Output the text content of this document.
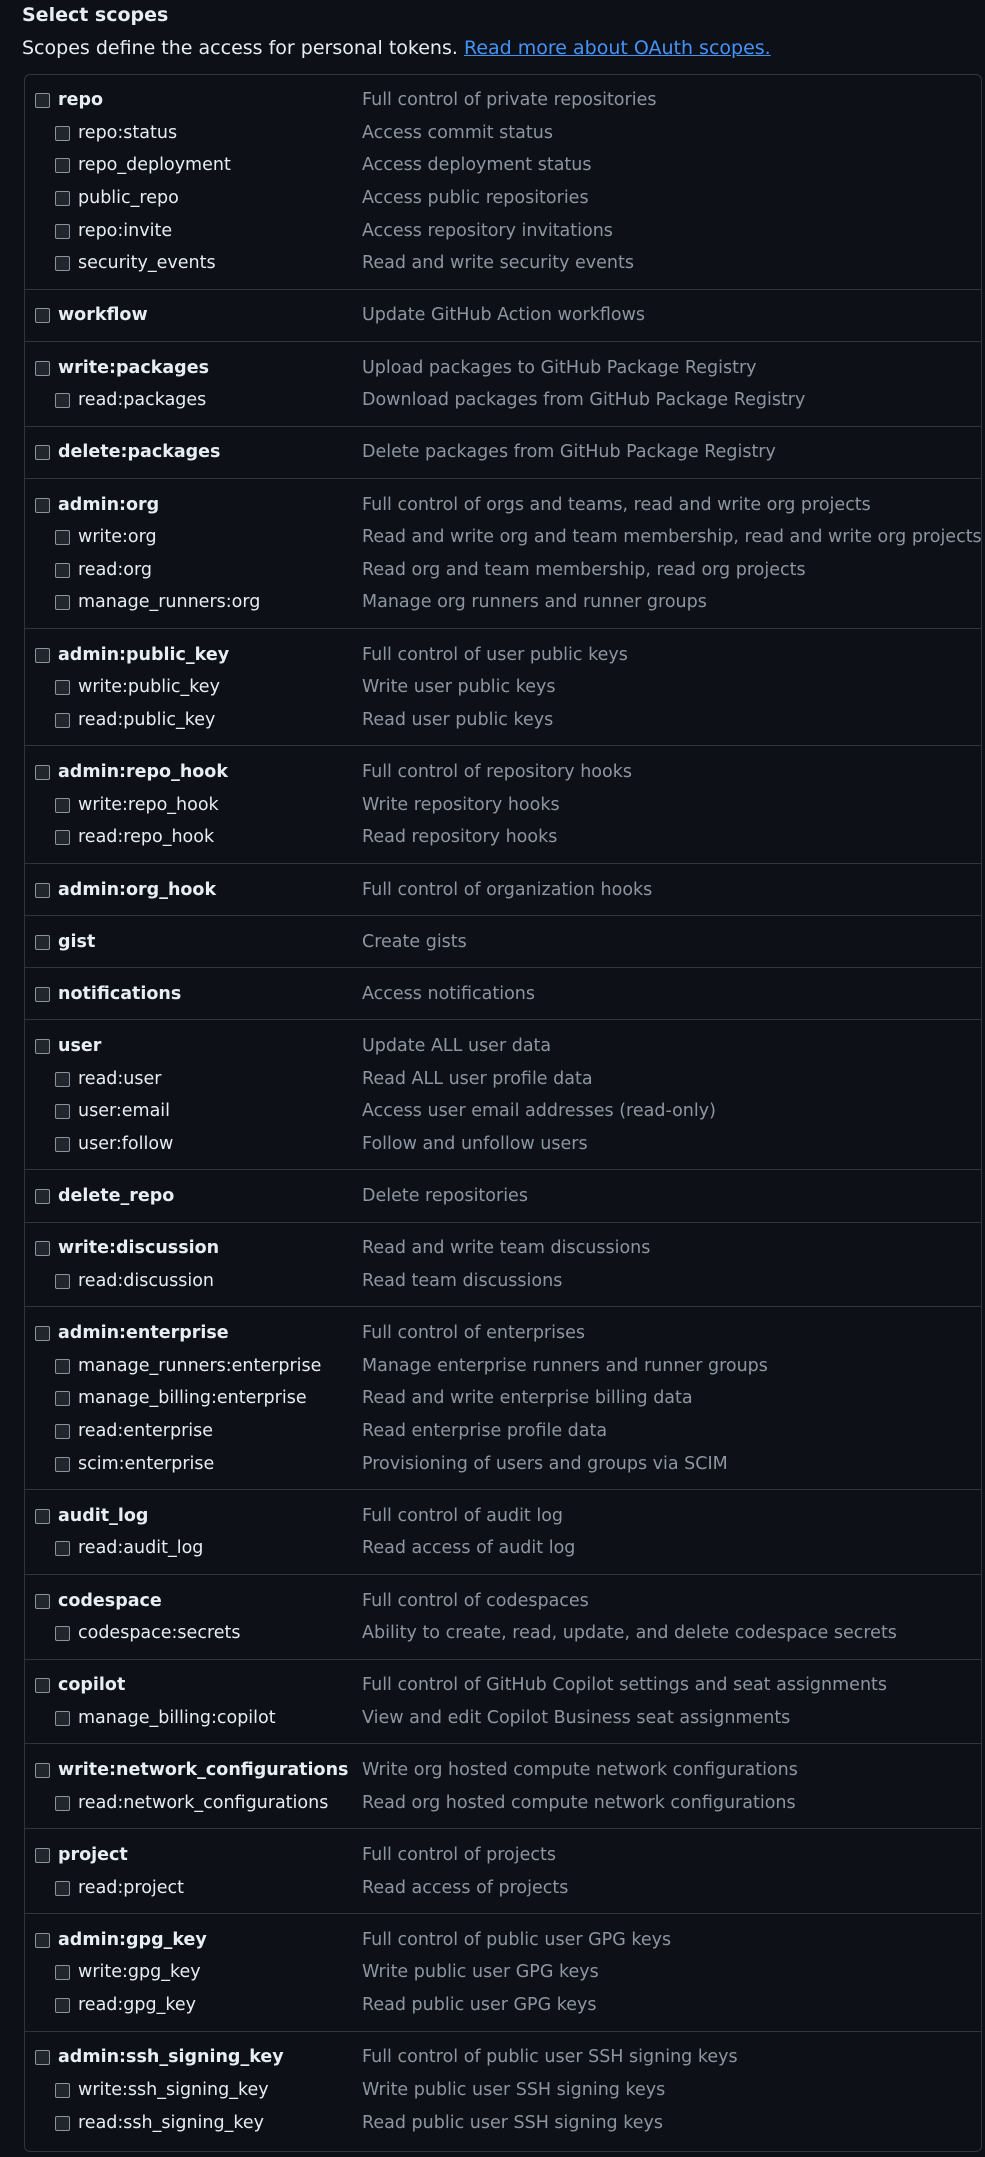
Select scopes
Scopes define the access for personal tokens. Read more about OAuth scopes.
repo	Full control of private repositories
repo:status	Access commit status
repo_deployment	Access deployment status
public_repo	Access public repositories
repo:invite	Access repository invitations
security_events	Read and write security events
workflow	Update GitHub Action workflows
write:packages	Upload packages to GitHub Package Registry
read:packages	Download packages from GitHub Package Registry
delete:packages	Delete packages from GitHub Package Registry
admin:org	Full control of orgs and teams, read and write org projects
write:org	Read and write org and team membership, read and write org projects
read:org	Read org and team membership, read org projects
manage_runners:org	Manage org runners and runner groups
admin:public_key	Full control of user public keys
write:public_key	Write user public keys
read:public_key	Read user public keys
admin:repo_hook	Full control of repository hooks
write:repo_hook	Write repository hooks
read:repo_hook	Read repository hooks
admin:org_hook	Full control of organization hooks
gist	Create gists
notifications	Access notifications
user	Update ALL user data
read:user	Read ALL user profile data
user:email	Access user email addresses (read-only)
user:follow	Follow and unfollow users
delete_repo	Delete repositories
write:discussion	Read and write team discussions
read:discussion	Read team discussions
admin:enterprise	Full control of enterprises
manage_runners:enterprise Manage enterprise runners and runner groups
manage_billing:enterprise	Read and write enterprise billing data
read:enterprise	Read enterprise profile data
scim:enterprise	Provisioning of users and groups via SCIM
audit_log	Full control of audit log
read:audit_log	Read access of audit log
codespace	Full control of codespaces
codespace:secrets	Ability to create, read, update, and delete codespace secrets
copilot	Full control of GitHub Copilot settings and seat assignments
manage_billing:copilot	View and edit Copilot Business seat assignments
write:network_configurations Write org hosted compute network configurations
read:network_configurations Read org hosted compute network configurations
project	Full control of projects
read:project	Read access of projects
admin:gpg_key	Full control of public user GPG keys
write:gpg_key	Write public user GPG keys
read:gpg_key	Read public user GPG keys
admin:ssh_signing_key	Full control of public user SSH signing keys
write:ssh_signing_key	Write public user SSH signing keys
read:ssh_signing_key	Read public user SSH signing keys
